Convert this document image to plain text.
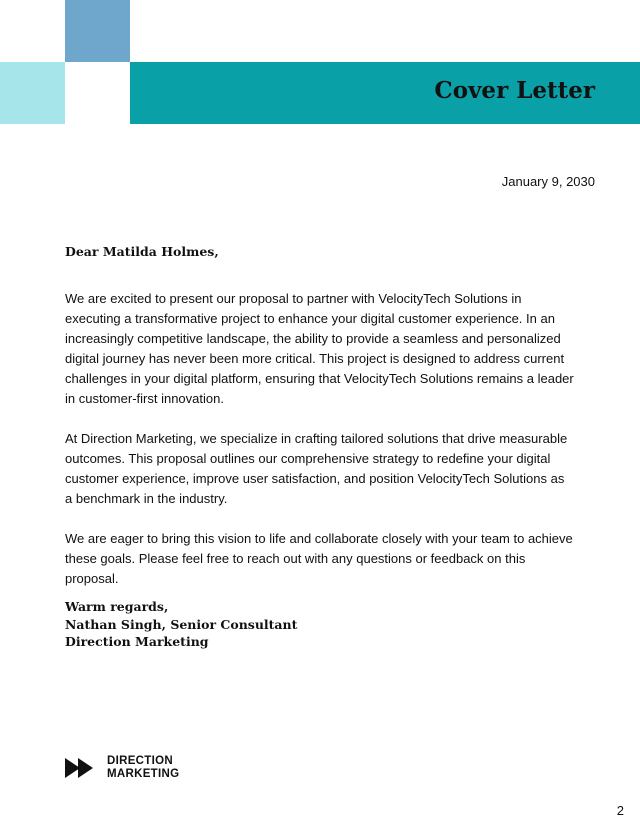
Cover Letter
January 9, 2030

Dear Matilda Holmes,

We are excited to present our proposal to partner with VelocityTech Solutions in executing a transformative project to enhance your digital customer experience. In an increasingly competitive landscape, the ability to provide a seamless and personalized digital journey has never been more critical. This project is designed to address current challenges in your digital platform, ensuring that VelocityTech Solutions remains a leader in customer-first innovation.

At Direction Marketing, we specialize in crafting tailored solutions that drive measurable outcomes. This proposal outlines our comprehensive strategy to redefine your digital customer experience, improve user satisfaction, and position VelocityTech Solutions as a benchmark in the industry.

We are eager to bring this vision to life and collaborate closely with your team to achieve these goals. Please feel free to reach out with any questions or feedback on this proposal.

Warm regards,
Nathan Singh, Senior Consultant
Direction Marketing
DIRECTION
MARKETING
2
